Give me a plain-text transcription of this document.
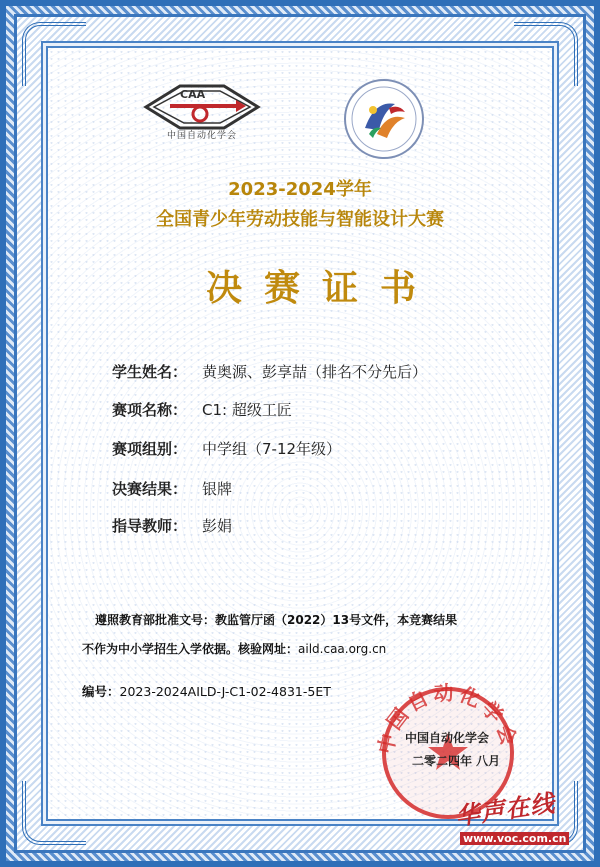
CAA
中国自动化学会
2023-2024学年
全国青少年劳动技能与智能设计大赛
决赛证书
学生姓名： 黄奥源、彭享喆（排名不分先后）
赛项名称： C1: 超级工匠
赛项组别： 中学组（7-12年级）
决赛结果： 银牌
指导教师： 彭娟
遵照教育部批准文号：教监管厅函（2022）13号文件，本竞赛结果
不作为中小学招生入学依据。核验网址：aild.caa.org.cn
编号：2023-2024AILD-J-C1-02-4831-5ET
中国自动化学会
中国自动化学会
二零二四年 八月
华声在线
www.voc.com.cn
